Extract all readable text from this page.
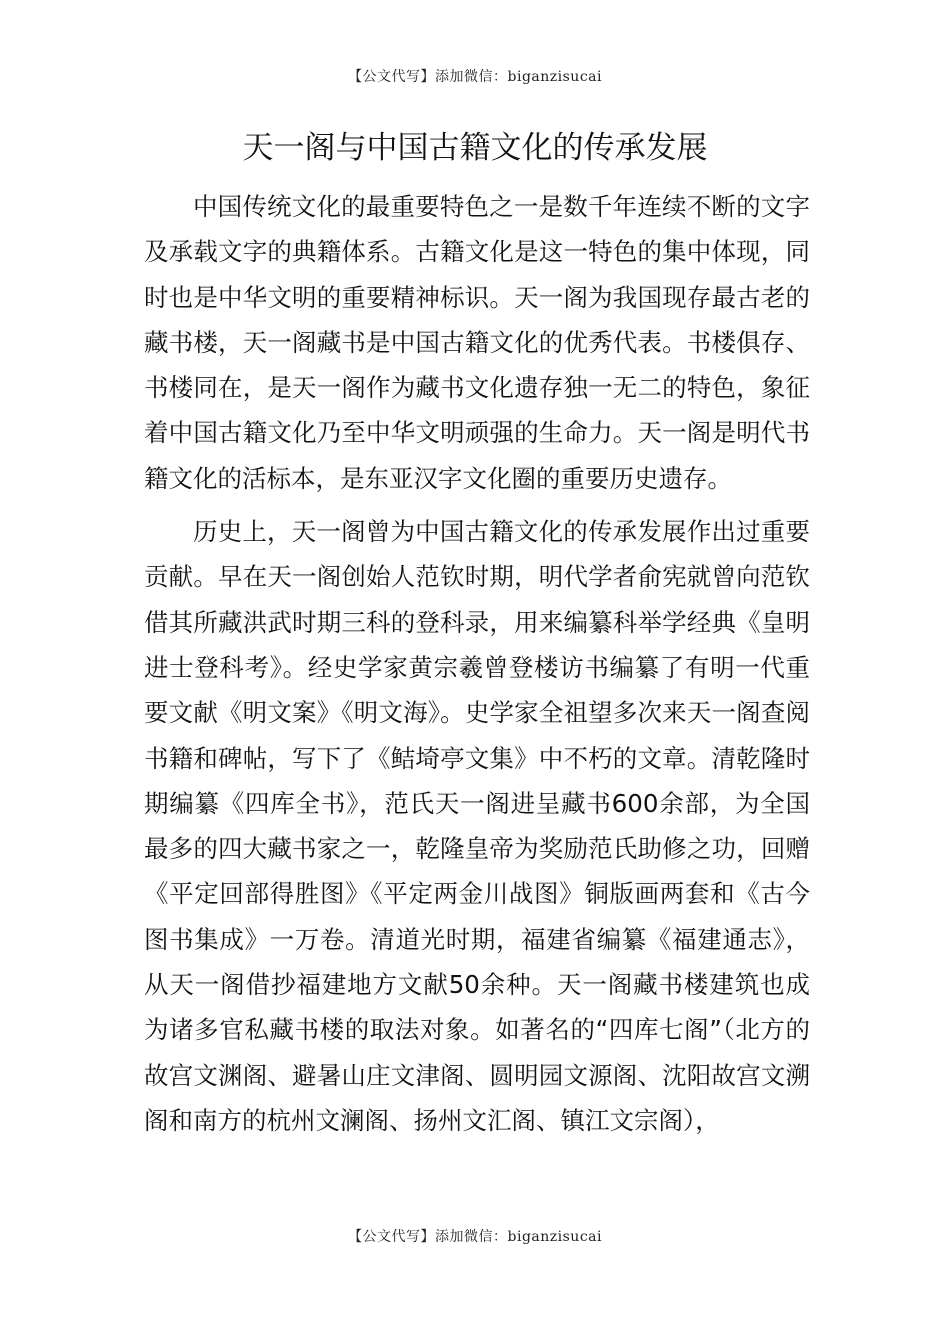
【公文代写】添加微信：biganzisucai
天一阁与中国古籍文化的传承发展

中国传统文化的最重要特色之一是数千年连续不断的文字及承载文字的典籍体系。古籍文化是这一特色的集中体现，同时也是中华文明的重要精神标识。天一阁为我国现存最古老的藏书楼，天一阁藏书是中国古籍文化的优秀代表。书楼俱存、书楼同在，是天一阁作为藏书文化遗存独一无二的特色，象征着中国古籍文化乃至中华文明顽强的生命力。天一阁是明代书籍文化的活标本，是东亚汉字文化圈的重要历史遗存。

历史上，天一阁曾为中国古籍文化的传承发展作出过重要贡献。早在天一阁创始人范钦时期，明代学者俞宪就曾向范钦借其所藏洪武时期三科的登科录，用来编纂科举学经典《皇明进士登科考》。经史学家黄宗羲曾登楼访书编纂了有明一代重要文献《明文案》《明文海》。史学家全祖望多次来天一阁查阅书籍和碑帖，写下了《鲒埼亭文集》中不朽的文章。清乾隆时期编纂《四库全书》，范氏天一阁进呈藏书600余部，为全国最多的四大藏书家之一，乾隆皇帝为奖励范氏助修之功，回赠《平定回部得胜图》《平定两金川战图》铜版画两套和《古今图书集成》一万卷。清道光时期，福建省编纂《福建通志》，从天一阁借抄福建地方文献50余种。天一阁藏书楼建筑也成为诸多官私藏书楼的取法对象。如著名的“四库七阁”（北方的故宫文渊阁、避暑山庄文津阁、圆明园文源阁、沈阳故宫文溯阁和南方的杭州文澜阁、扬州文汇阁、镇江文宗阁），

【公文代写】添加微信：biganzisucai
